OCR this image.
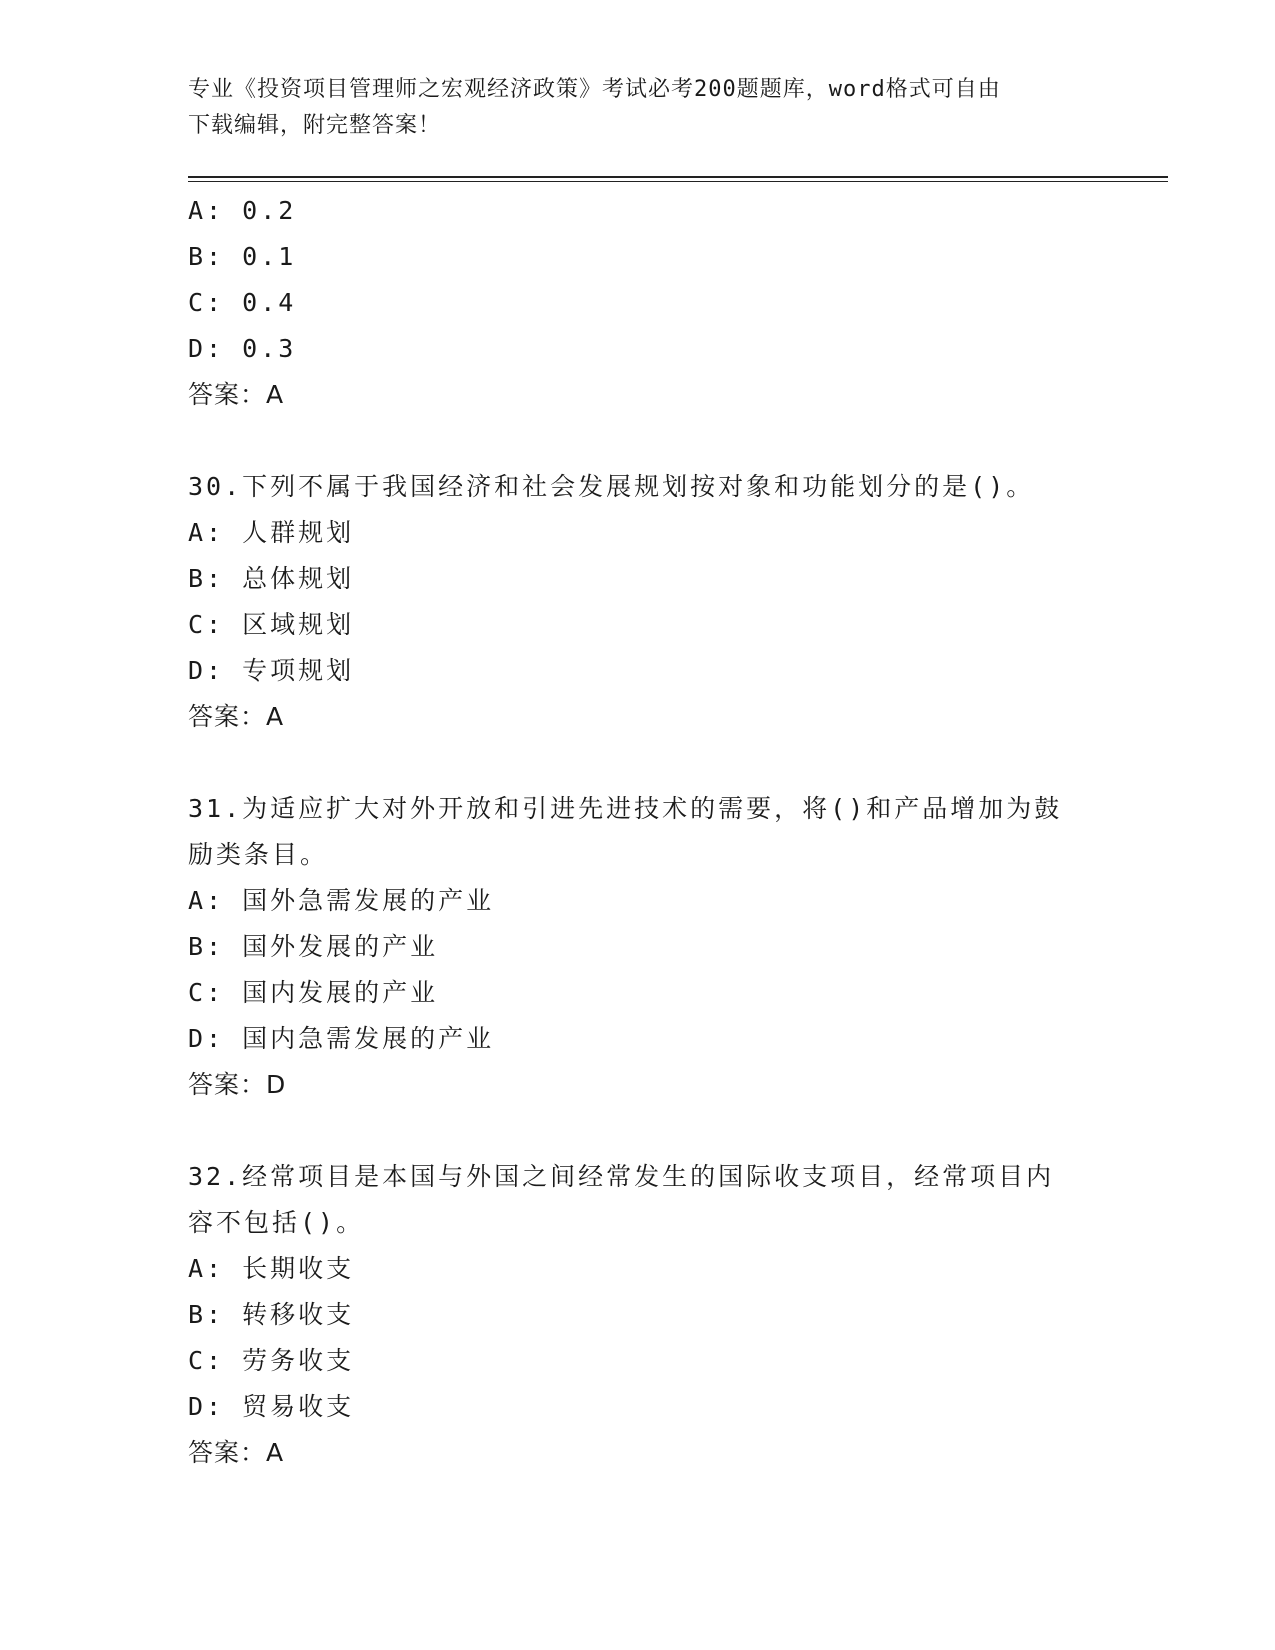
专业《投资项目管理师之宏观经济政策》考试必考200题题库，word格式可自由
下载编辑，附完整答案！
A: 0.2
B: 0.1
C: 0.4
D: 0.3
答案：A
30.下列不属于我国经济和社会发展规划按对象和功能划分的是()。
A: 人群规划
B: 总体规划
C: 区域规划
D: 专项规划
答案：A
31.为适应扩大对外开放和引进先进技术的需要，将()和产品增加为鼓
励类条目。
A: 国外急需发展的产业
B: 国外发展的产业
C: 国内发展的产业
D: 国内急需发展的产业
答案：D
32.经常项目是本国与外国之间经常发生的国际收支项目，经常项目内
容不包括()。
A: 长期收支
B: 转移收支
C: 劳务收支
D: 贸易收支
答案：A
